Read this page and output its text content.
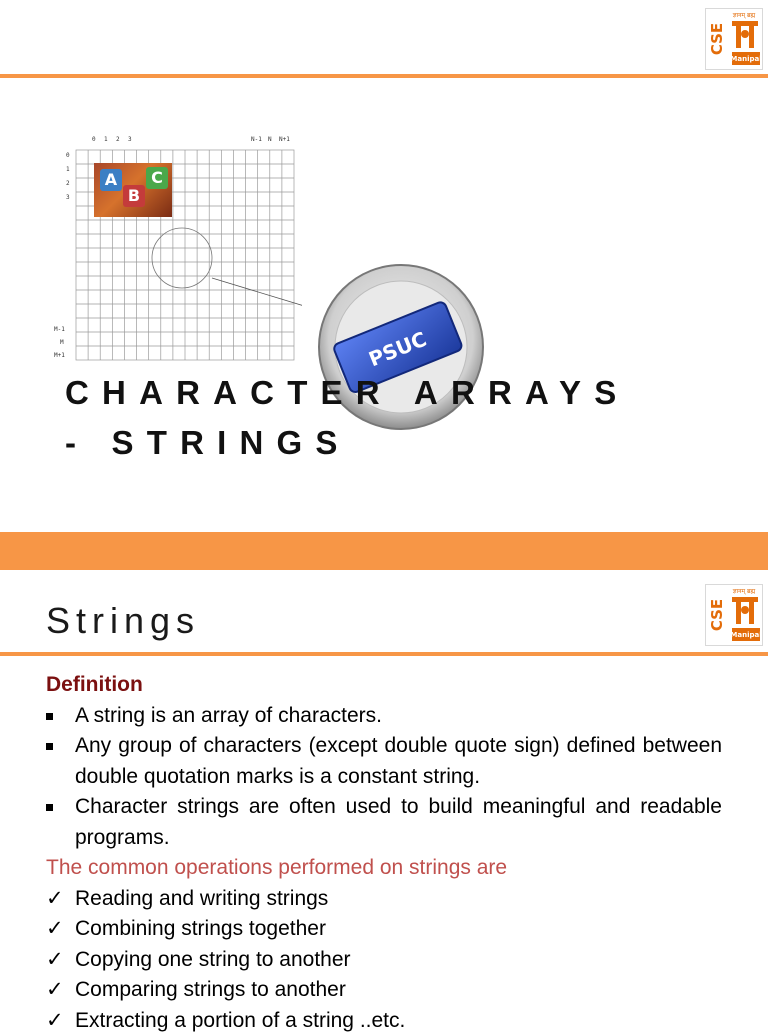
CSE
ज्ञानम् ब्रह्म
Manipal
0 1 2 3	N-1 N N+1
0
1
2
3
M-1
M
M+1
A
B
C
PSUC
CHARACTER ARRAYS
- STRINGS
Strings	CSE
ज्ञानम् ब्रह्म
Manipal
Definition
A string is an array of characters.
Any group of characters (except double quote sign) defined between double quotation marks is a constant string.
Character strings are often used to build meaningful and readable programs.
The common operations performed on strings are
✓ Reading and writing strings
✓ Combining strings together
✓ Copying one string to another
✓ Comparing strings to another
✓ Extracting a portion of a string ..etc.
